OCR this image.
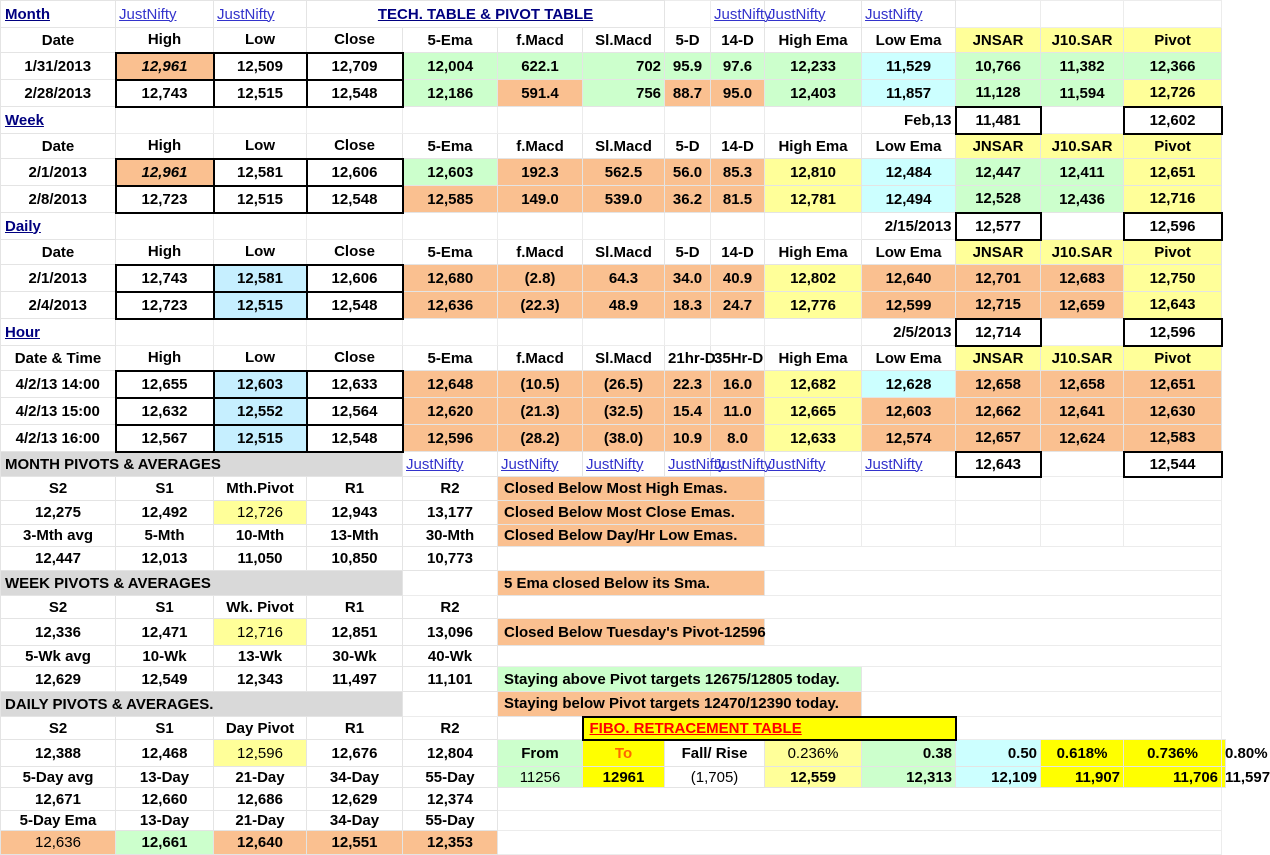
Month	JustNifty	JustNifty	TECH. TABLE & PIVOT TABLE					JustNifty	JustNifty	JustNifty				
Date	High	Low	Close	5-Ema	f.Macd	Sl.Macd	5-D	14-D	High Ema	Low Ema	JNSAR	J10.SAR	Pivot	
1/31/2013	12,961	12,509	12,709	12,004	622.1	702	95.9	97.6	12,233	11,529	10,766	11,382	12,366	
2/28/2013	12,743	12,515	12,548	12,186	591.4	756	88.7	95.0	12,403	11,857	11,128	11,594	12,726	
Week										Feb,13	11,481		12,602	
Date	High	Low	Close	5-Ema	f.Macd	Sl.Macd	5-D	14-D	High Ema	Low Ema	JNSAR	J10.SAR	Pivot	
2/1/2013	12,961	12,581	12,606	12,603	192.3	562.5	56.0	85.3	12,810	12,484	12,447	12,411	12,651	
2/8/2013	12,723	12,515	12,548	12,585	149.0	539.0	36.2	81.5	12,781	12,494	12,528	12,436	12,716	
Daily										2/15/2013	12,577		12,596	
Date	High	Low	Close	5-Ema	f.Macd	Sl.Macd	5-D	14-D	High Ema	Low Ema	JNSAR	J10.SAR	Pivot	
2/1/2013	12,743	12,581	12,606	12,680	(2.8)	64.3	34.0	40.9	12,802	12,640	12,701	12,683	12,750	
2/4/2013	12,723	12,515	12,548	12,636	(22.3)	48.9	18.3	24.7	12,776	12,599	12,715	12,659	12,643	
Hour										2/5/2013	12,714		12,596	
Date & Time	High	Low	Close	5-Ema	f.Macd	Sl.Macd	21hr-D	35Hr-D	High Ema	Low Ema	JNSAR	J10.SAR	Pivot	
4/2/13 14:00	12,655	12,603	12,633	12,648	(10.5)	(26.5)	22.3	16.0	12,682	12,628	12,658	12,658	12,651	
4/2/13 15:00	12,632	12,552	12,564	12,620	(21.3)	(32.5)	15.4	11.0	12,665	12,603	12,662	12,641	12,630	
4/2/13 16:00	12,567	12,515	12,548	12,596	(28.2)	(38.0)	10.9	8.0	12,633	12,574	12,657	12,624	12,583	
MONTH PIVOTS & AVERAGES				JustNifty	JustNifty	JustNifty	JustNifty	JustNifty	JustNifty	JustNifty	12,643		12,544	
S2	S1	Mth.Pivot	R1	R2	Closed Below Most High Emas.									
12,275	12,492	12,726	12,943	13,177	Closed Below Most Close Emas.									
3-Mth avg	5-Mth	10-Mth	13-Mth	30-Mth	Closed Below Day/Hr Low Emas.									
12,447	12,013	11,050	10,850	10,773										
WEEK PIVOTS & AVERAGES					5 Ema closed Below its Sma.									
S2	S1	Wk. Pivot	R1	R2										
12,336	12,471	12,716	12,851	13,096	Closed Below Tuesday's Pivot-12596									
5-Wk avg	10-Wk	13-Wk	30-Wk	40-Wk										
12,629	12,549	12,343	11,497	11,101	Staying above Pivot targets 12675/12805 today.									
DAILY PIVOTS & AVERAGES.					Staying below Pivot targets 12470/12390 today.									
S2	S1	Day Pivot	R1	R2		FIBO. RETRACEMENT TABLE								
12,388	12,468	12,596	12,676	12,804	From	To	Fall/ Rise		0.236%	0.38	0.50	0.618%	0.736%	0.80%
5-Day avg	13-Day	21-Day	34-Day	55-Day	11256	12961	(1,705)		12,559	12,313	12,109	11,907	11,706	11,597
12,671	12,660	12,686	12,629	12,374										
5-Day Ema	13-Day	21-Day	34-Day	55-Day										
12,636	12,661	12,640	12,551	12,353										
